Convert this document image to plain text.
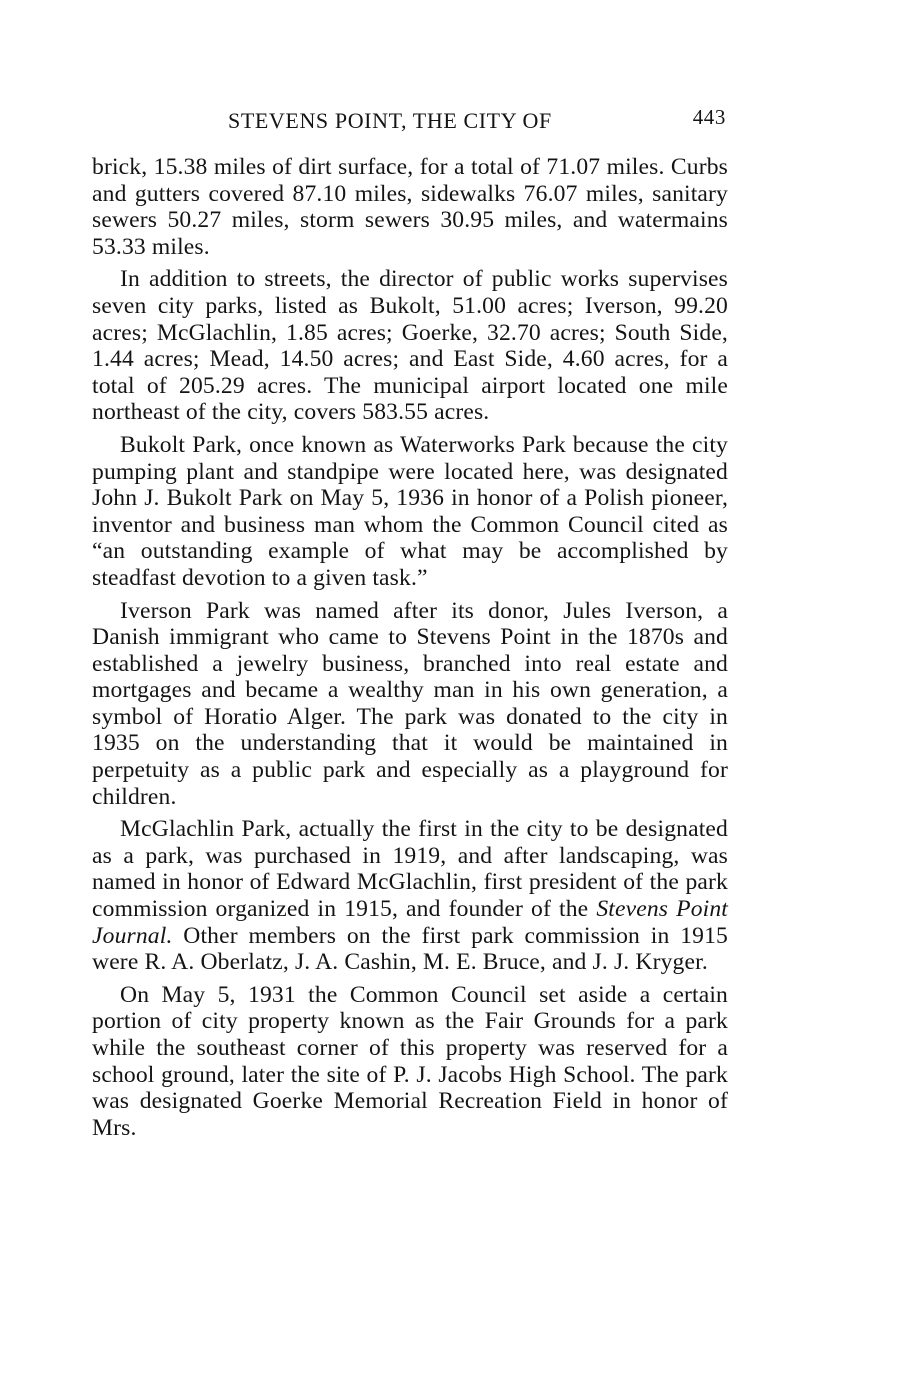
STEVENS POINT, THE CITY OF	443

brick, 15.38 miles of dirt surface, for a total of 71.07 miles. Curbs and gutters covered 87.10 miles, sidewalks 76.07 miles, sanitary sewers 50.27 miles, storm sewers 30.95 miles, and watermains 53.33 miles.

In addition to streets, the director of public works supervises seven city parks, listed as Bukolt, 51.00 acres; Iverson, 99.20 acres; McGlachlin, 1.85 acres; Goerke, 32.70 acres; South Side, 1.44 acres; Mead, 14.50 acres; and East Side, 4.60 acres, for a total of 205.29 acres. The municipal airport located one mile northeast of the city, covers 583.55 acres.

Bukolt Park, once known as Waterworks Park because the city pumping plant and standpipe were located here, was designated John J. Bukolt Park on May 5, 1936 in honor of a Polish pioneer, inventor and business man whom the Common Council cited as “an outstanding example of what may be accomplished by steadfast devotion to a given task.”

Iverson Park was named after its donor, Jules Iverson, a Danish immigrant who came to Stevens Point in the 1870s and established a jewelry business, branched into real estate and mortgages and became a wealthy man in his own generation, a symbol of Horatio Alger. The park was donated to the city in 1935 on the understanding that it would be maintained in perpetuity as a public park and especially as a playground for children.

McGlachlin Park, actually the first in the city to be designated as a park, was purchased in 1919, and after landscaping, was named in honor of Edward McGlachlin, first president of the park commission organized in 1915, and founder of the Stevens Point Journal. Other members on the first park commission in 1915 were R. A. Oberlatz, J. A. Cashin, M. E. Bruce, and J. J. Kryger.

On May 5, 1931 the Common Council set aside a certain portion of city property known as the Fair Grounds for a park while the southeast corner of this property was reserved for a school ground, later the site of P. J. Jacobs High School. The park was designated Goerke Memorial Recreation Field in honor of Mrs.
